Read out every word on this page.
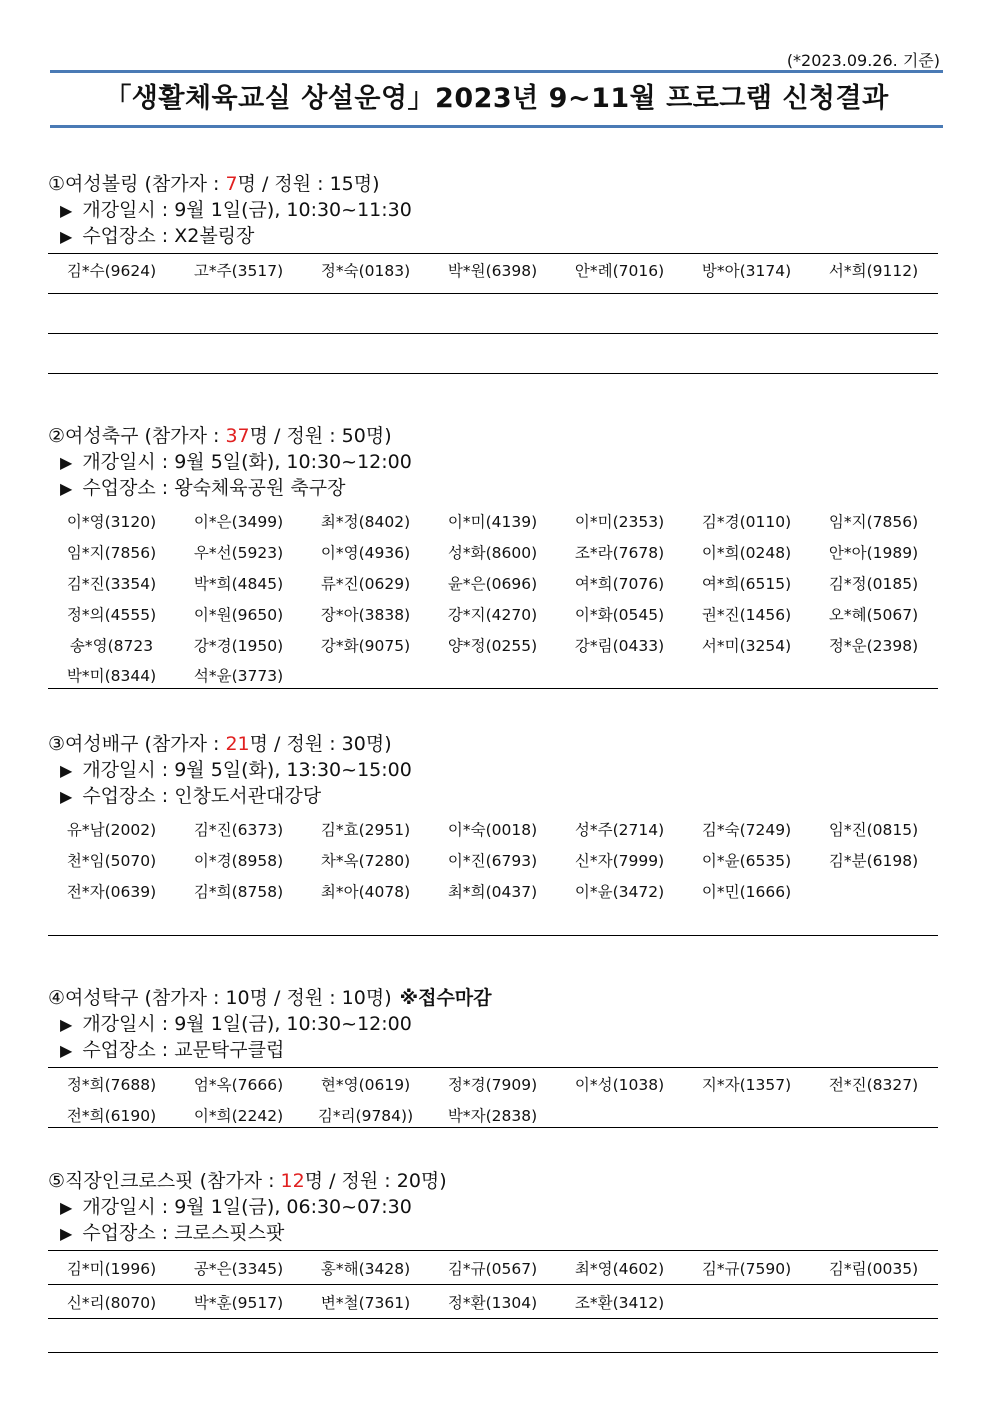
(*2023.09.26. 기준)
「생활체육교실 상설운영」2023년 9~11월 프로그램 신청결과
①여성볼링 (참가자 : 7명 / 정원 : 15명)
▶ 개강일시 : 9월 1일(금), 10:30~11:30
▶ 수업장소 : X2볼링장
김*수(9624)	고*주(3517)	정*숙(0183)	박*원(6398)	안*례(7016)	방*아(3174)	서*희(9112)
②여성축구 (참가자 : 37명 / 정원 : 50명)
▶ 개강일시 : 9월 5일(화), 10:30~12:00
▶ 수업장소 : 왕숙체육공원 축구장
이*영(3120)	이*은(3499)	최*정(8402)	이*미(4139)	이*미(2353)	김*경(0110)	임*지(7856)
임*지(7856)	우*선(5923)	이*영(4936)	성*화(8600)	조*라(7678)	이*희(0248)	안*아(1989)
김*진(3354)	박*희(4845)	류*진(0629)	윤*은(0696)	여*희(7076)	여*희(6515)	김*정(0185)
정*의(4555)	이*원(9650)	장*아(3838)	강*지(4270)	이*화(0545)	권*진(1456)	오*혜(5067)
송*영(8723	강*경(1950)	강*화(9075)	양*정(0255)	강*림(0433)	서*미(3254)	정*운(2398)
박*미(8344)	석*윤(3773)
③여성배구 (참가자 : 21명 / 정원 : 30명)
▶ 개강일시 : 9월 5일(화), 13:30~15:00
▶ 수업장소 : 인창도서관대강당
유*남(2002)	김*진(6373)	김*효(2951)	이*숙(0018)	성*주(2714)	김*숙(7249)	임*진(0815)
천*임(5070)	이*경(8958)	차*옥(7280)	이*진(6793)	신*자(7999)	이*윤(6535)	김*분(6198)
전*자(0639)	김*희(8758)	최*아(4078)	최*희(0437)	이*윤(3472)	이*민(1666)
④여성탁구 (참가자 : 10명 / 정원 : 10명) ※접수마감
▶ 개강일시 : 9월 1일(금), 10:30~12:00
▶ 수업장소 : 교문탁구클럽
정*희(7688)	엄*옥(7666)	현*영(0619)	정*경(7909)	이*성(1038)	지*자(1357)	전*진(8327)
전*희(6190)	이*희(2242)	김*리(9784))	박*자(2838)
⑤직장인크로스핏 (참가자 : 12명 / 정원 : 20명)
▶ 개강일시 : 9월 1일(금), 06:30~07:30
▶ 수업장소 : 크로스핏스팟
김*미(1996)	공*은(3345)	홍*해(3428)	김*규(0567)	최*영(4602)	김*규(7590)	김*림(0035)
신*리(8070)	박*훈(9517)	변*철(7361)	정*환(1304)	조*환(3412)
